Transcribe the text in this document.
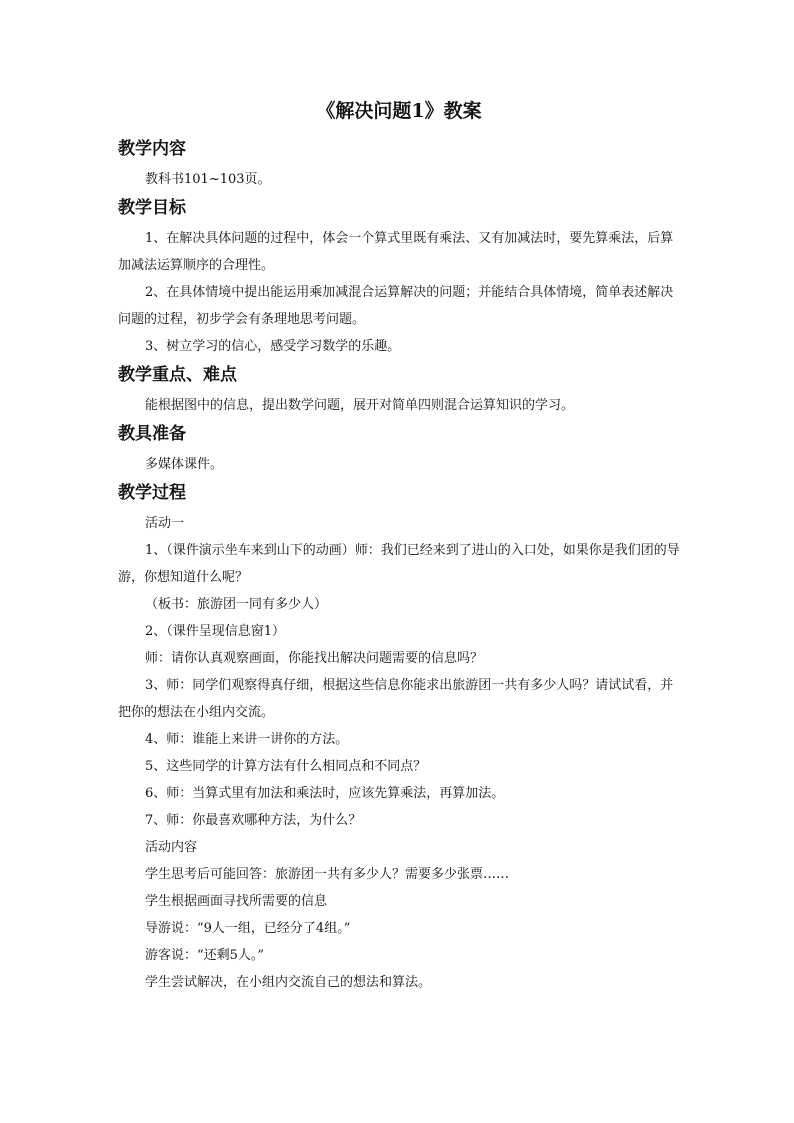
《解决问题1》教案
教学内容

教科书101~103页。

教学目标

1、在解决具体问题的过程中，体会一个算式里既有乘法、又有加减法时，要先算乘法，后算加减法运算顺序的合理性。

2、在具体情境中提出能运用乘加减混合运算解决的问题；并能结合具体情境，简单表述解决问题的过程，初步学会有条理地思考问题。

3、树立学习的信心，感受学习数学的乐趣。

教学重点、难点

能根据图中的信息，提出数学问题，展开对简单四则混合运算知识的学习。

教具准备

多媒体课件。

教学过程

活动一

1、（课件演示坐车来到山下的动画）师：我们已经来到了进山的入口处，如果你是我们团的导游，你想知道什么呢？

（板书：旅游团一同有多少人）

2、（课件呈现信息窗1）

师：请你认真观察画面，你能找出解决问题需要的信息吗？

3、师：同学们观察得真仔细，根据这些信息你能求出旅游团一共有多少人吗？请试试看，并把你的想法在小组内交流。

4、师：谁能上来讲一讲你的方法。

5、这些同学的计算方法有什么相同点和不同点？

6、师：当算式里有加法和乘法时，应该先算乘法，再算加法。

7、师：你最喜欢哪种方法，为什么？

活动内容

学生思考后可能回答：旅游团一共有多少人？需要多少张票……

学生根据画面寻找所需要的信息

导游说：“9人一组，已经分了4组。”

游客说：“还剩5人。”

学生尝试解决，在小组内交流自己的想法和算法。
